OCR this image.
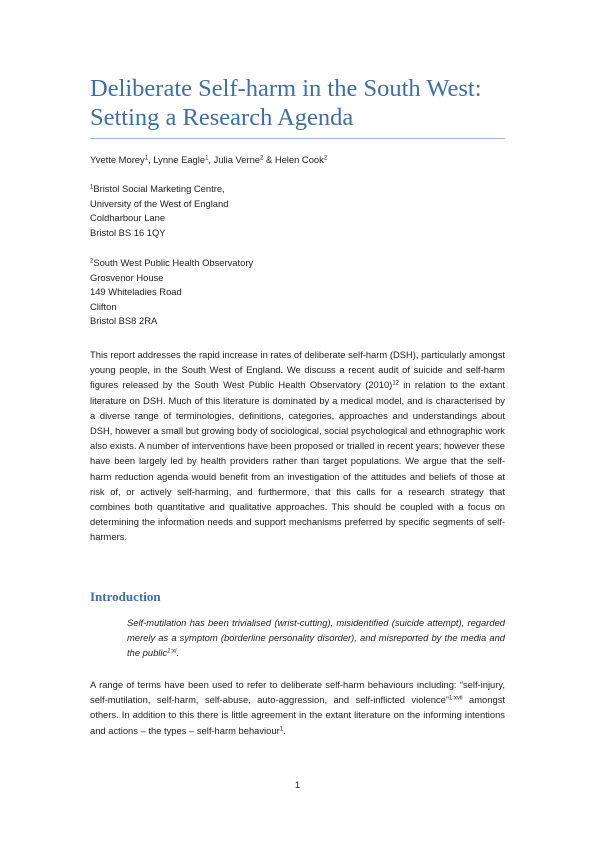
Deliberate Self-harm in the South West: Setting a Research Agenda
Yvette Morey$^1$, Lynne Eagle$^1$, Julia Verne$^2$ & Helen Cook$^2$
$^1$Bristol Social Marketing Centre,
University of the West of England
Coldharbour Lane
Bristol BS 16 1QY
$^2$South West Public Health Observatory
Grosvenor House
149 Whiteladies Road
Clifton
Bristol BS8 2RA

This report addresses the rapid increase in rates of deliberate self-harm (DSH), particularly amongst young people, in the South West of England. We discuss a recent audit of suicide and self-harm figures released by the South West Public Health Observatory $(2010)^{12}$ in relation to the extant literature on DSH. Much of this literature is dominated by a medical model, and is characterised by a diverse range of terminologies, definitions, categories, approaches and understandings about DSH, however a small but growing body of sociological, social psychological and ethnographic work also exists. A number of interventions have been proposed or trialled in recent years; however these have been largely led by health providers rather than target populations. We argue that the self-harm reduction agenda would benefit from an investigation of the attitudes and beliefs of those at risk of, or actively self-harming, and furthermore, that this calls for a research strategy that combines both quantitative and qualitative approaches. This should be coupled with a focus on determining the information needs and support mechanisms preferred by specific segments of self-harmers.

Introduction

Self-mutilation has been trivialised (wrist-cutting), misidentified (suicide attempt), regarded merely as a symptom (borderline personality disorder), and misreported by the media and the public$^{1:xi}$.

A range of terms have been used to refer to deliberate self-harm behaviours including: “self-injury, self-mutilation, self-harm, self-abuse, auto-aggression, and self-inflicted violence”$^{1:xvii}$ amongst others. In addition to this there is little agreement in the extant literature on the informing intentions and actions – the types – self-harm behaviour$^1$.

1
